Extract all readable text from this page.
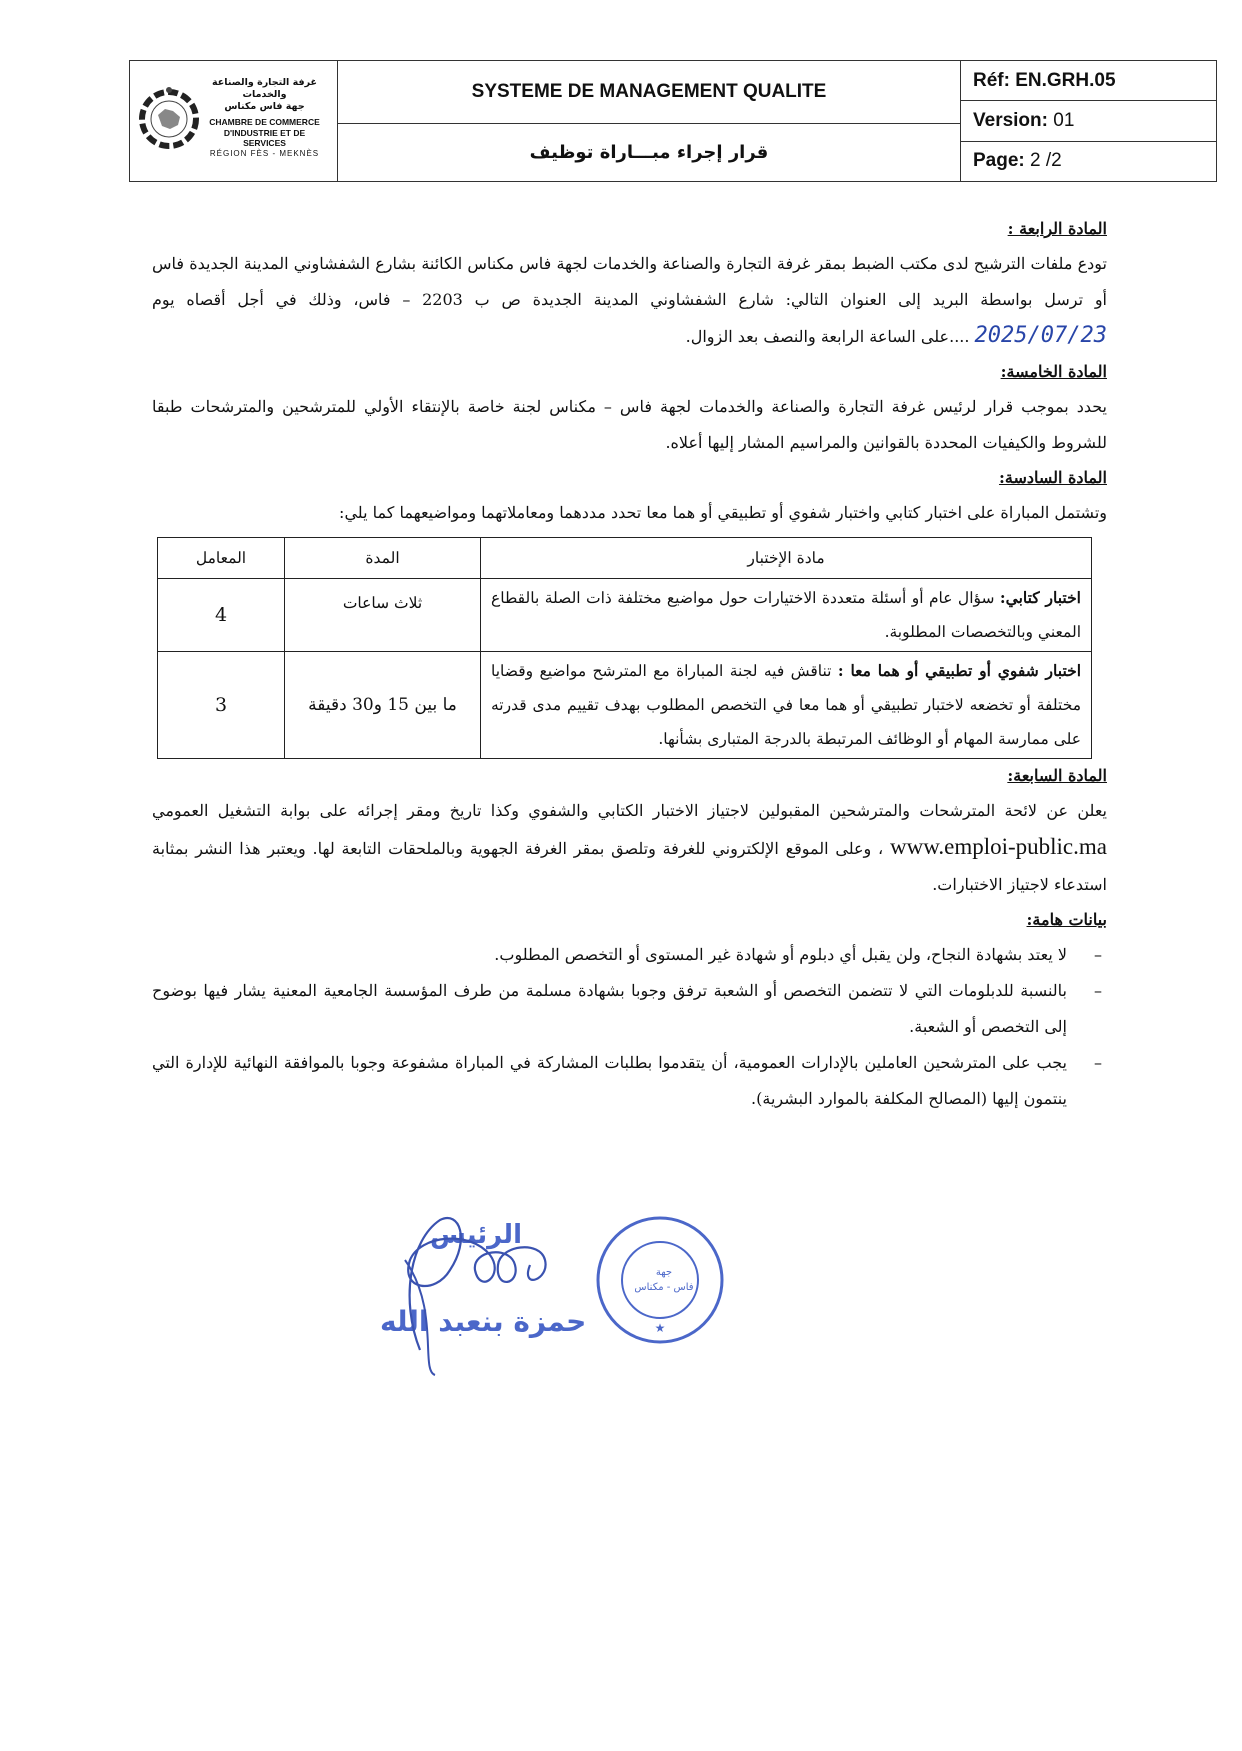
غرفة التجارة والصناعة والخدمات
جهة فاس مكناس
CHAMBRE DE COMMERCE
D'INDUSTRIE ET DE SERVICES
RÉGION FÈS - MEKNÈS
SYSTEME DE MANAGEMENT QUALITE
قرار إجراء مبـــاراة توظيف
Réf:
EN.GRH.05
Version:
01
Page:
2 /2
المادة الرابعة :

تودع ملفات الترشيح لدى مكتب الضبط بمقر غرفة التجارة والصناعة والخدمات لجهة فاس مكناس الكائنة بشارع الشفشاوني المدينة الجديدة فاس أو ترسل بواسطة البريد إلى العنوان التالي: شارع الشفشاوني المدينة الجديدة ص ب 2203 – فاس، وذلك في أجل أقصاه يوم 2025/07/23 ....على الساعة الرابعة والنصف بعد الزوال.

المادة الخامسة:

يحدد بموجب قرار لرئيس غرفة التجارة والصناعة والخدمات لجهة فاس – مكناس لجنة خاصة بالإنتقاء الأولي للمترشحين والمترشحات طبقا للشروط والكيفيات المحددة بالقوانين والمراسيم المشار إليها أعلاه.

المادة السادسة:

وتشتمل المباراة على اختبار كتابي واختبار شفوي أو تطبيقي أو هما معا تحدد مددهما ومعاملاتهما ومواضيعهما كما يلي:

مادة الإختبار	المدة	المعامل
اختبار كتابي: سؤال عام أو أسئلة متعددة الاختيارات حول مواضيع مختلفة ذات الصلة بالقطاع المعني وبالتخصصات المطلوبة.	ثلاث ساعات	4
اختبار شفوي أو تطبيقي أو هما معا : تناقش فيه لجنة المباراة مع المترشح مواضيع وقضايا مختلفة أو تخضعه لاختبار تطبيقي أو هما معا في التخصص المطلوب بهدف تقييم مدى قدرته على ممارسة المهام أو الوظائف المرتبطة بالدرجة المتبارى بشأنها.	ما بين 15 و30 دقيقة	3
المادة السابعة:

يعلن عن لائحة المترشحات والمترشحين المقبولين لاجتياز الاختبار الكتابي والشفوي وكذا تاريخ ومقر إجرائه على بوابة التشغيل العمومي www.emploi-public.ma ، وعلى الموقع الإلكتروني للغرفة وتلصق بمقر الغرفة الجهوية وبالملحقات التابعة لها. ويعتبر هذا النشر بمثابة استدعاء لاجتياز الاختبارات.

بيانات هامة:
– لا يعتد بشهادة النجاح، ولن يقبل أي دبلوم أو شهادة غير المستوى أو التخصص المطلوب.
– بالنسبة للدبلومات التي لا تتضمن التخصص أو الشعبة ترفق وجوبا بشهادة مسلمة من طرف المؤسسة الجامعية المعنية يشار فيها بوضوح إلى التخصص أو الشعبة.
– يجب على المترشحين العاملين بالإدارات العمومية، أن يتقدموا بطلبات المشاركة في المباراة مشفوعة وجوبا بالموافقة النهائية للإدارة التي ينتمون إليها (المصالح المكلفة بالموارد البشرية).
الرئيس
حمزة بنعبد الله	★
جهة
فاس - مكناس
